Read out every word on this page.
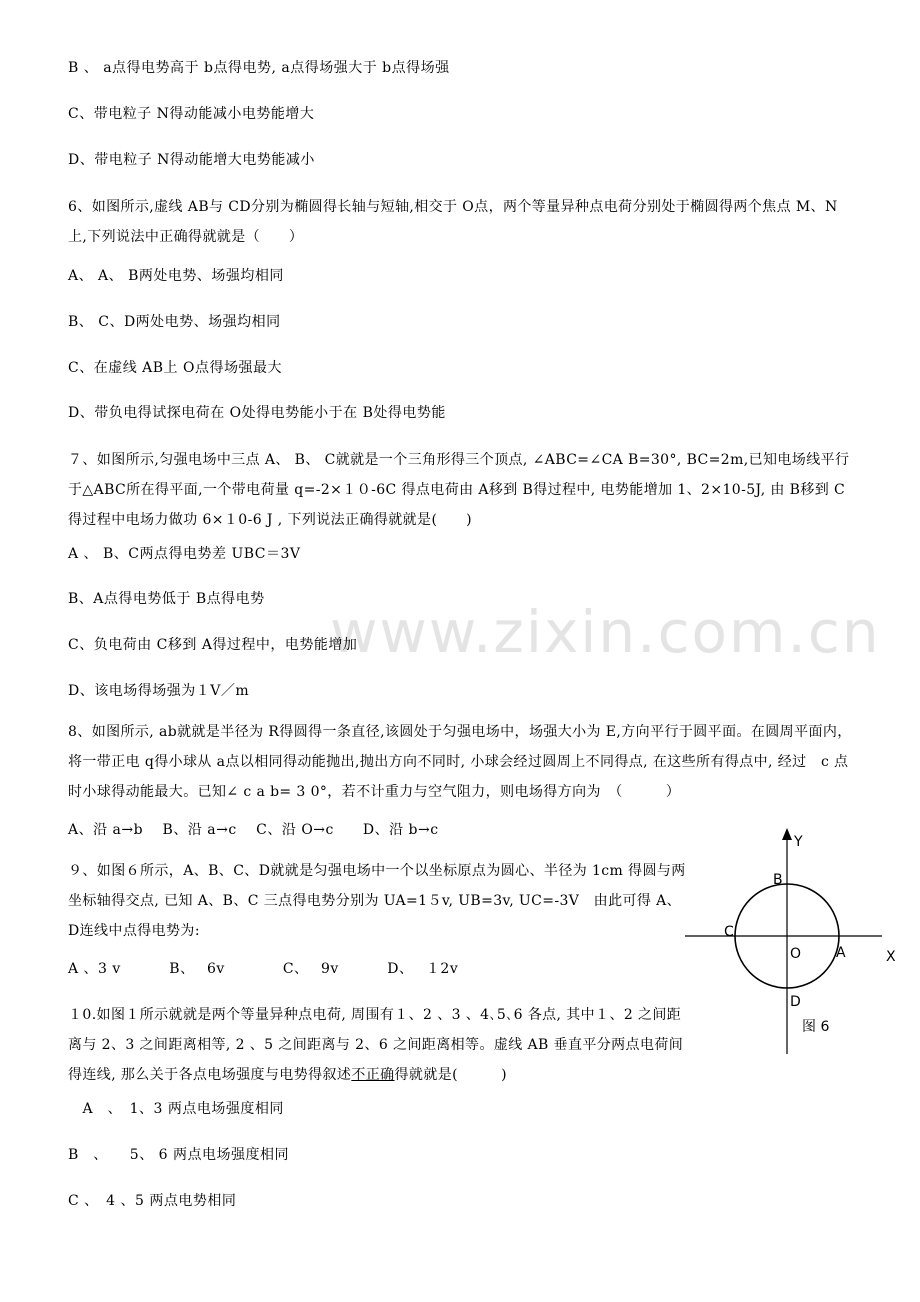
www.zixin.com.cn
B 、 a点得电势高于 b点得电势, a点得场强大于 b点得场强
C、带电粒子 N得动能减小电势能增大
D、带电粒子 N得动能增大电势能减小
6、如图所示,虚线 AB与 CD分别为椭圆得长轴与短轴,相交于 O点，两个等量异种点电荷分别处于椭圆得两个焦点 M、N上,下列说法中正确得就就是（　　）
A、 A、 B两处电势、场强均相同
B、 C、D两处电势、场强均相同
C、在虚线 AB上 O点得场强最大
D、带负电得试探电荷在 O处得电势能小于在 B处得电势能
７、如图所示,匀强电场中三点 A、 B、 C就就是一个三角形得三个顶点, ∠ABC=∠CA B=30°, BC=2m,已知电场线平行于△ABC所在得平面,一个带电荷量 q=-2×１０-6C 得点电荷由 A移到 B得过程中, 电势能增加 1、2×10-5J, 由 B移到 C得过程中电场力做功 6×１0-6 J , 下列说法正确得就就是(　　)
A 、 B、C两点得电势差 UBC＝3V
B、A点得电势低于 B点得电势
C、负电荷由 C移到 A得过程中，电势能增加
D、该电场得场强为１V／m
8、如图所示, ab就就是半径为 R得圆得一条直径,该圆处于匀强电场中，场强大小为 E,方向平行于圆平面。在圆周平面内，将一带正电 q得小球从 a点以相同得动能抛出,抛出方向不同时, 小球会经过圆周上不同得点, 在这些所有得点中, 经过　c 点时小球得动能最大。已知∠ c a b= 3 0°，若不计重力与空气阻力，则电场得方向为　（　　　）
A、沿 a→b　 B、沿 a→c　 C、沿 O→c　　D、沿 b→c
９、如图６所示，A、B、C、D就就是匀强电场中一个以坐标原点为圆心、半径为 1cm 得圆与两坐标轴得交点, 已知 A、B、C 三点得电势分别为 UA=1５v, UB=3v, UC=-3V　由此可得 A、D连线中点得电势为:
A 、3 v　　　 B、　 6v　　　　C、　 9v　　　 D、　 １2v
１0.如图１所示就就是两个等量异种点电荷, 周围有１、2 、3 、4､5､6 各点, 其中１、2 之间距离与 2、3 之间距离相等, 2 、5 之间距离与 2、6 之间距离相等。虚线 AB 垂直平分两点电荷间得连线, 那么关于各点电场强度与电势得叙述不正确得就就是(　　　)
　A　、　1、3 两点电场强度相同
B　、　　5、 6 两点电场强度相同
C 、　4 、5 两点电势相同
Y
X
B
C
A
O
D
图 6
